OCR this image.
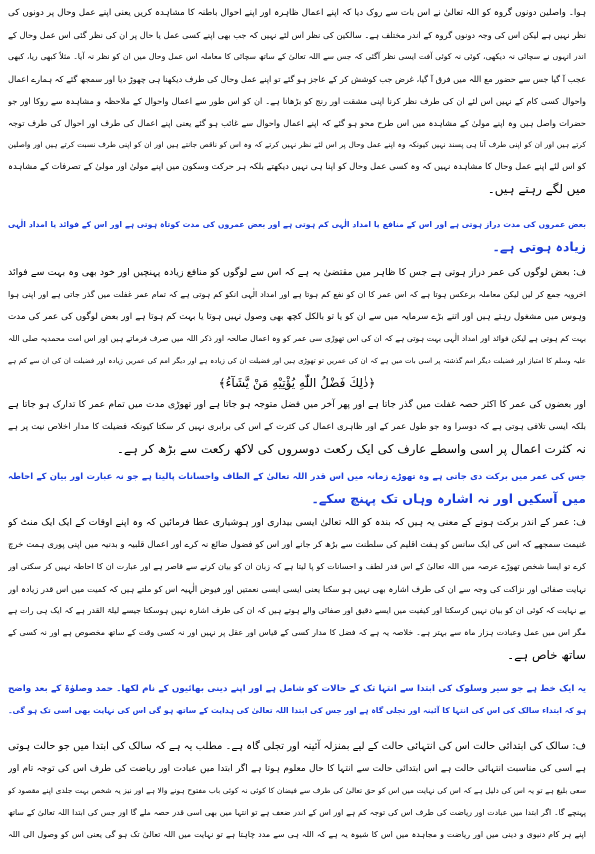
ہوا۔ واصلین دونوں گروہ کو اللہ تعالیٰ نے اس بات سے روک دیا کہ اپنے اعمال ظاہرہ اور اپنے احوال باطنہ کا مشاہدہ کریں یعنی اپنے عمل وحال پر دونوں کی
نظر نہیں ہے لیکن اس کی وجہ دونوں گروہ کے اندر مختلف ہے۔ سالکین کی نظر اس لئے نہیں کہ جب بھی اپنے کسی عمل یا حال پر ان کی نظر گئی اس عمل وحال کے
اندر انہوں نے سچائی نہ دیکھی، کوئی نہ کوئی آفت ایسی نظر آگئی کہ جس سے اللہ تعالیٰ کے ساتھ سچائی کا معاملہ اس عمل وحال میں ان کو نظر نہ آیا۔ مثلاً کبھی ریا، کبھی
عجب آ گیا جس سے حضور مع اللہ میں فرق آ گیا، غرض جب کوشش کر کے عاجز ہو گئے تو اپنے عمل وحال کی طرف دیکھنا ہی چھوڑ دیا اور سمجھ گئے کہ ہمارے اعمال
واحوال کسی کام کے نہیں اس لئے ان کی طرف نظر کرنا اپنی مشقت اور رنج کو بڑھانا ہے۔ ان کو اس طور سے اعمال واحوال کے ملاحظہ و مشاہدہ سے روکا اور جو
حضرات واصل ہیں وہ اپنے مولیٰ کے مشاہدہ میں اس طرح محو ہو گئے کہ اپنے اعمال واحوال سے غائب ہو گئے یعنی اپنے اعمال کی طرف اور احوال کی طرف توجہ
کرتے ہیں اور ان کو اپنی طرف آنا ہی پسند نہیں کیونکہ وہ اپنے عمل وحال پر اس لئے نظر نہیں کرتے کہ وہ اس کو ناقص جانتے ہیں اور ان کو اپنی طرف نسبت کرتے ہیں اور واصلین
کو اس لئے اپنے عمل وحال کا مشاہدہ نہیں کہ وہ کسی عمل وحال کو اپنا ہی نہیں دیکھتے بلکہ ہر حرکت وسکون میں اپنے مولیٰ اور مولیٰ کے تصرفات کے مشاہدہ
میں لگے رہتے ہیں۔
بعض عمروں کی مدت دراز ہوتی ہے اور اس کے منافع یا امداد الٰہی کم ہوتی ہے اور بعض عمروں کی مدت کوتاہ ہوتی ہے اور اس کے فوائد یا امداد الٰہی
زیادہ ہوتی ہے۔
ف: بعض لوگوں کی عمر دراز ہوتی ہے جس کا ظاہر میں مقتضیٰ یہ ہے کہ اس سے لوگوں کو منافع زیادہ پہنچیں اور خود بھی وہ بہت سے فوائد
اخرویہ جمع کر لیں لیکن معاملہ برعکس ہوتا ہے کہ اس عمر کا ان کو نفع کم ہوتا ہے اور امداد الٰہی انکو کم ہوتی ہے کہ تمام عمر غفلت میں گذر جاتی ہے اور اپنی ہوا
وہوس میں مشغول رہتے ہیں اور اتنے بڑے سرمایہ میں سے ان کو یا تو بالکل کچھ بھی وصول نہیں ہوتا یا بہت کم ہوتا ہے اور بعض لوگوں کی عمر کی مدت
بہت کم ہوتی ہے لیکن فوائد اور امداد الٰہی بہت ہوتی ہے کہ ان کی اس تھوڑی سی عمر کو وہ اعمال صالحہ اور ذکر اللہ میں صرف فرماتے ہیں اور اس امت محمدیہ صلی اللہ
علیہ وسلم کا امتیاز اور فضیلت دیگر امم گذشتہ پر اسی بات میں ہے کہ ان کی عمریں تو تھوڑی ہیں اور فضیلت ان کی زیادہ ہے اور دیگر امم کی عمریں زیادہ اور فضیلت ان کی ان سے کم ہے
﴿ذٰلِكَ فَضْلُ اللّٰهِ يُؤْتِيْهِ مَنْ يَّشَآءُ﴾
اور بعضوں کی عمر کا اکثر حصہ غفلت میں گذر جاتا ہے اور پھر آخر میں فضل متوجہ ہو جاتا ہے اور تھوڑی مدت میں تمام عمر کا تدارک ہو جاتا ہے
بلکہ ایسی تلافی ہوتی ہے کہ دوسرا وہ جو طول عمر کے اور ظاہری اعمال کی کثرت کے اس کی برابری نہیں کر سکتا کیونکہ فضیلت کا مدار اخلاص نیت پر ہے
نہ کثرت اعمال پر اسی واسطے عارف کی ایک رکعت دوسروں کی لاکھ رکعت سے بڑھ کر ہے۔
جس کی عمر میں برکت دی جاتی ہے وہ تھوڑے زمانہ میں اس قدر اللہ تعالیٰ کے الطاف واحسانات پالیتا ہے جو نہ عبارت اور بیان کے احاطہ
میں آسکیں اور نہ اشارہ وہاں تک پہنچ سکے۔
ف: عمر کے اندر برکت ہونے کے معنی یہ ہیں کہ بندہ کو اللہ تعالیٰ ایسی بیداری اور ہوشیاری عطا فرمائیں کہ وہ اپنے اوقات کے ایک ایک منٹ کو
غنیمت سمجھے کہ اس کی ایک سانس کو ہفت اقلیم کی سلطنت سے بڑھ کر جانے اور اس کو فضول ضائع نہ کرے اور اعمال قلبیہ و بدنیہ میں اپنی پوری ہمت خرچ
کرے تو ایسا شخص تھوڑے عرصہ میں اللہ تعالیٰ کے اس قدر لطف و احسانات کو پا لیتا ہے کہ زبان ان کو بیان کرنے سے قاصر ہے اور عبارت ان کا احاطہ نہیں کر سکتی اور
نہایت صفائی اور نزاکت کی وجہ سے ان کی طرف اشارہ بھی نہیں ہو سکتا یعنی ایسی ایسی نعمتیں اور فیوض الٰہیہ اس کو ملتے ہیں کہ کمیت میں اس قدر زیادہ اور
بے نہایت کہ کوئی ان کو بیان نہیں کرسکتا اور کیفیت میں ایسے دقیق اور صفائی والے ہوتے ہیں کہ ان کی طرف اشارہ نہیں ہوسکتا جیسے لیلۃ القدر ہے کہ ایک ہی رات ہے
مگر اس میں عمل وعبادت ہزار ماہ سے بہتر ہے۔ خلاصہ یہ ہے کہ فضل کا مدار کسی کے قیاس اور عقل پر نہیں اور نہ کسی وقت کے ساتھ مخصوص ہے اور نہ کسی کے
ساتھ خاص ہے۔
یہ ایک خط ہے جو سیر وسلوک کی ابتدا سے انتہا تک کے حالات کو شامل ہے اور اپنے دینی بھائیوں کے نام لکھا۔ حمد وصلوٰۃ کے بعد واضح
ہو کہ ابتداء سالک کی اس کی انتہا کا آئینہ اور تجلی گاہ ہے اور جس کی ابتدا اللہ تعالیٰ کی ہدایت کے ساتھ ہو گی اس کی نہایت بھی اسی تک ہو گی۔
ف: سالک کی ابتدائی حالت اس کی انتہائی حالت کے لیے بمنزلہ آئینہ اور تجلی گاہ ہے۔ مطلب یہ ہے کہ سالک کی ابتدا میں جو حالت ہوتی
ہے اسی کی مناسبت انتہائی حالت ہے اس ابتدائی حالت سے انتہا کا حال معلوم ہوتا ہے اگر ابتدا میں عبادت اور ریاضت کی طرف اس کی توجہ تام اور
سعی بلیغ ہے تو یہ اس کی دلیل ہے کہ اس کی نہایت میں اس کو حق تعالیٰ کی طرف سے فیضان کا کوئی نہ کوئی باب مفتوح ہونے والا ہے اور نیز یہ شخص بہت جلدی اپنے مقصود کو
پہنچے گا۔ اگر ابتدا میں عبادت اور ریاضت کی طرف اس کی توجہ کم ہے اور اس کے اندر ضعف ہے تو انتہا میں بھی اسی قدر حصہ ملے گا اور جس کی ابتدا اللہ تعالیٰ کے ساتھ
اپنے ہر کام دنیوی و دینی میں اور ریاضت و مجاہدہ میں اس کا شیوہ یہ ہے کہ اللہ ہی سے مدد چاہتا ہے تو نہایت میں اللہ تعالیٰ تک ہو گی یعنی اس کو وصول الی اللہ
